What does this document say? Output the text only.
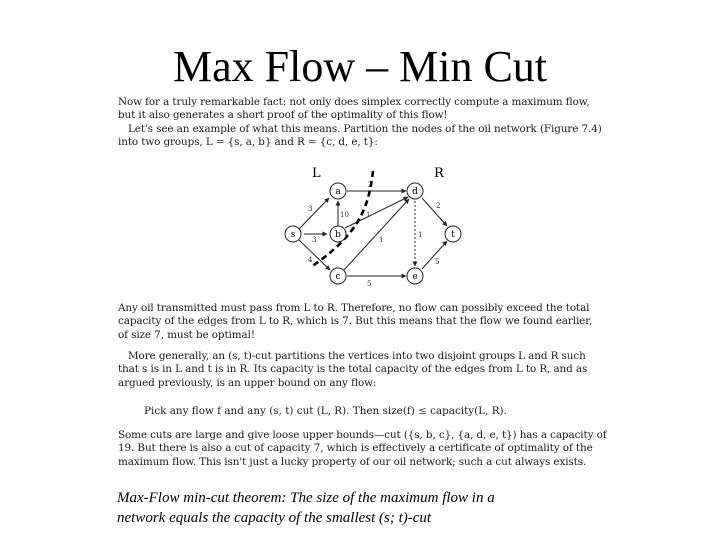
Max Flow – Min Cut

Now for a truly remarkable fact: not only does simplex correctly compute a maximum flow,

but it also generates a short proof of the optimality of this flow!

Let's see an example of what this means. Partition the nodes of the oil network (Figure 7.4)

into two groups, L = {s, a, b} and R = {c, d, e, t}:

L	R
3
3
4
10
2
1
1
1
5
2
5
s
a
b
c
d
e
t

Any oil transmitted must pass from L to R. Therefore, no flow can possibly exceed the total

capacity of the edges from L to R, which is 7. But this means that the flow we found earlier,

of size 7, must be optimal!

More generally, an (s, t)-cut partitions the vertices into two disjoint groups L and R such

that s is in L and t is in R. Its capacity is the total capacity of the edges from L to R, and as

argued previously, is an upper bound on any flow:

Pick any flow f and any (s, t) cut (L, R). Then size(f) ≤ capacity(L, R).

Some cuts are large and give loose upper bounds—cut ({s, b, c}, {a, d, e, t}) has a capacity of

19. But there is also a cut of capacity 7, which is effectively a certificate of optimality of the

maximum flow. This isn't just a lucky property of our oil network; such a cut always exists.

Max-Flow min-cut theorem: The size of the maximum flow in a
network equals the capacity of the smallest (s; t)-cut
